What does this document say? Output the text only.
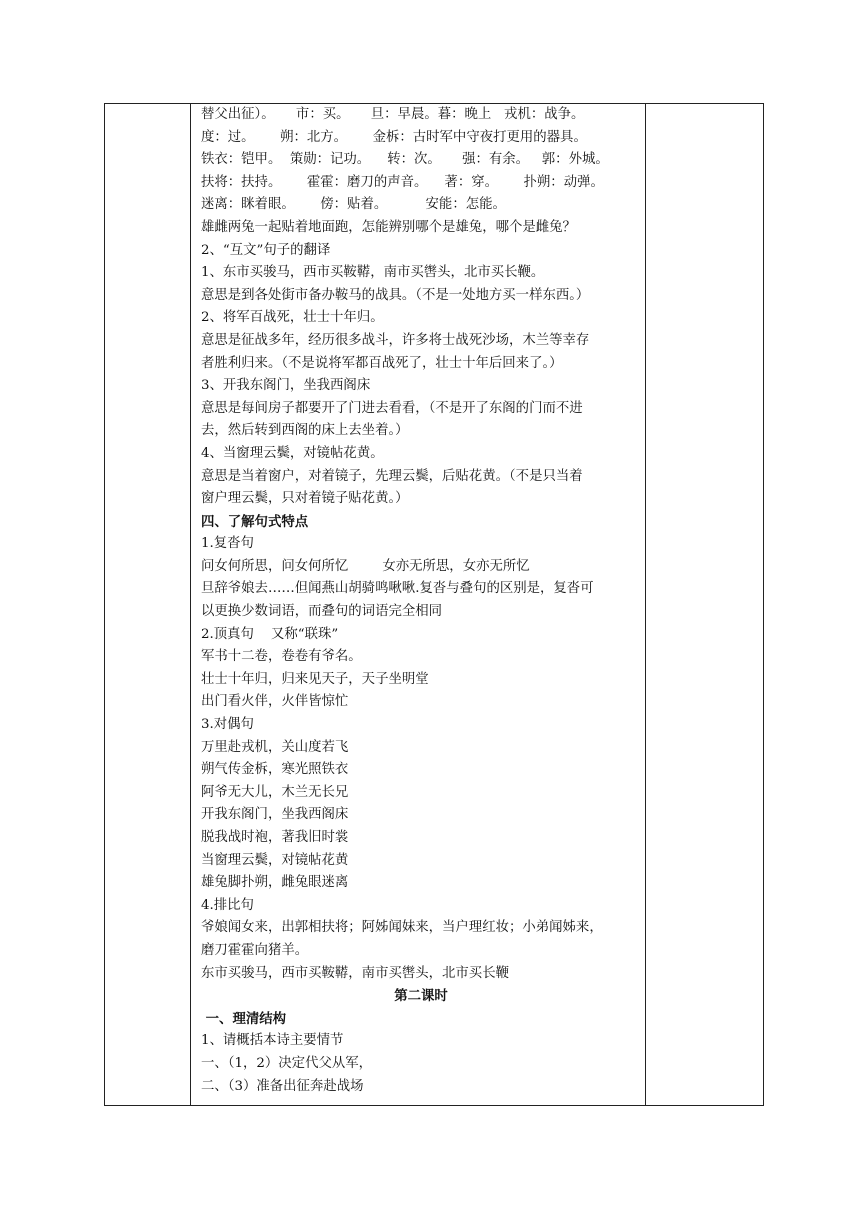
替父出征）。     市：买。     旦：早晨。暮：晚上   戎机：战争。
度：过。      朔：北方。      金柝：古时军中守夜打更用的器具。
铁衣：铠甲。  策勋：记功。    转：次。     强：有余。   郭：外城。
扶将：扶持。      霍霍：磨刀的声音。    著：穿。      扑朔：动弹。
迷离：眯着眼。      傍：贴着。         安能：怎能。
雄雌两兔一起贴着地面跑，怎能辨别哪个是雄兔，哪个是雌兔？
2、“互文”句子的翻译
1、东市买骏马，西市买鞍鞯，南市买辔头，北市买长鞭。
意思是到各处街市备办鞍马的战具。（不是一处地方买一样东西。）
2、将军百战死，壮士十年归。
意思是征战多年，经历很多战斗，许多将士战死沙场，木兰等幸存
者胜利归来。（不是说将军都百战死了，壮士十年后回来了。）
3、开我东阁门，坐我西阁床
意思是每间房子都要开了门进去看看，（不是开了东阁的门而不进
去，然后转到西阁的床上去坐着。）
4、当窗理云鬓，对镜帖花黄。
意思是当着窗户，对着镜子，先理云鬓，后贴花黄。（不是只当着
窗户理云鬓，只对着镜子贴花黄。）
四、了解句式特点
1.复沓句
问女何所思，问女何所忆        女亦无所思，女亦无所忆
旦辞爷娘去……但闻燕山胡骑鸣啾啾.复沓与叠句的区别是，复沓可
以更换少数词语，而叠句的词语完全相同
2.顶真句    又称“联珠”
军书十二卷，卷卷有爷名。
壮士十年归，归来见天子，天子坐明堂
出门看火伴，火伴皆惊忙
3.对偶句
万里赴戎机，关山度若飞
朔气传金柝，寒光照铁衣
阿爷无大儿，木兰无长兄
开我东阁门，坐我西阁床
脱我战时袍，著我旧时裳
当窗理云鬓，对镜帖花黄
雄兔脚扑朔，雌兔眼迷离
4.排比句
爷娘闻女来，出郭相扶将；阿姊闻妹来，当户理红妆；小弟闻姊来，
磨刀霍霍向猪羊。
东市买骏马，西市买鞍鞯，南市买辔头，北市买长鞭
第二课时
一、理清结构
1、请概括本诗主要情节
一、（1，2）决定代父从军，
二、（3）准备出征奔赴战场
